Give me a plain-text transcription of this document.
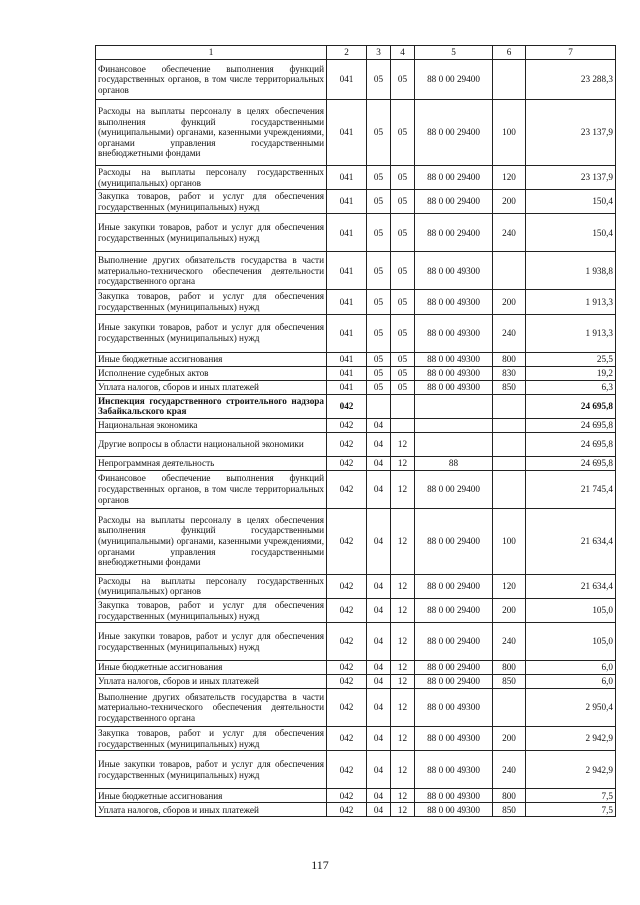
1	2	3	4	5	6	7
Финансовое обеспечение выполнения функций государственных органов, в том числе территориальных органов	041	05	05	88 0 00 29400		23 288,3
Расходы на выплаты персоналу в целях обеспечения выполнения функций государственными (муниципальными) органами, казенными учреждениями, органами управления государственными внебюджетными фондами	041	05	05	88 0 00 29400	100	23 137,9
Расходы на выплаты персоналу государственных (муниципальных) органов	041	05	05	88 0 00 29400	120	23 137,9
Закупка товаров, работ и услуг для обеспечения государственных (муниципальных) нужд	041	05	05	88 0 00 29400	200	150,4
Иные закупки товаров, работ и услуг для обеспечения государственных (муниципальных) нужд	041	05	05	88 0 00 29400	240	150,4
Выполнение других обязательств государства в части материально-технического обеспечения деятельности государственного органа	041	05	05	88 0 00 49300		1 938,8
Закупка товаров, работ и услуг для обеспечения государственных (муниципальных) нужд	041	05	05	88 0 00 49300	200	1 913,3
Иные закупки товаров, работ и услуг для обеспечения государственных (муниципальных) нужд	041	05	05	88 0 00 49300	240	1 913,3
Иные бюджетные ассигнования	041	05	05	88 0 00 49300	800	25,5
Исполнение судебных актов	041	05	05	88 0 00 49300	830	19,2
Уплата налогов, сборов и иных платежей	041	05	05	88 0 00 49300	850	6,3
Инспекция государственного строительного надзора Забайкальского края	042					24 695,8
Национальная экономика	042	04				24 695,8
Другие вопросы в области национальной экономики	042	04	12			24 695,8
Непрограммная деятельность	042	04	12	88		24 695,8
Финансовое обеспечение выполнения функций государственных органов, в том числе территориальных органов	042	04	12	88 0 00 29400		21 745,4
Расходы на выплаты персоналу в целях обеспечения выполнения функций государственными (муниципальными) органами, казенными учреждениями, органами управления государственными внебюджетными фондами	042	04	12	88 0 00 29400	100	21 634,4
Расходы на выплаты персоналу государственных (муниципальных) органов	042	04	12	88 0 00 29400	120	21 634,4
Закупка товаров, работ и услуг для обеспечения государственных (муниципальных) нужд	042	04	12	88 0 00 29400	200	105,0
Иные закупки товаров, работ и услуг для обеспечения государственных (муниципальных) нужд	042	04	12	88 0 00 29400	240	105,0
Иные бюджетные ассигнования	042	04	12	88 0 00 29400	800	6,0
Уплата налогов, сборов и иных платежей	042	04	12	88 0 00 29400	850	6,0
Выполнение других обязательств государства в части материально-технического обеспечения деятельности государственного органа	042	04	12	88 0 00 49300		2 950,4
Закупка товаров, работ и услуг для обеспечения государственных (муниципальных) нужд	042	04	12	88 0 00 49300	200	2 942,9
Иные закупки товаров, работ и услуг для обеспечения государственных (муниципальных) нужд	042	04	12	88 0 00 49300	240	2 942,9
Иные бюджетные ассигнования	042	04	12	88 0 00 49300	800	7,5
Уплата налогов, сборов и иных платежей	042	04	12	88 0 00 49300	850	7,5
117
